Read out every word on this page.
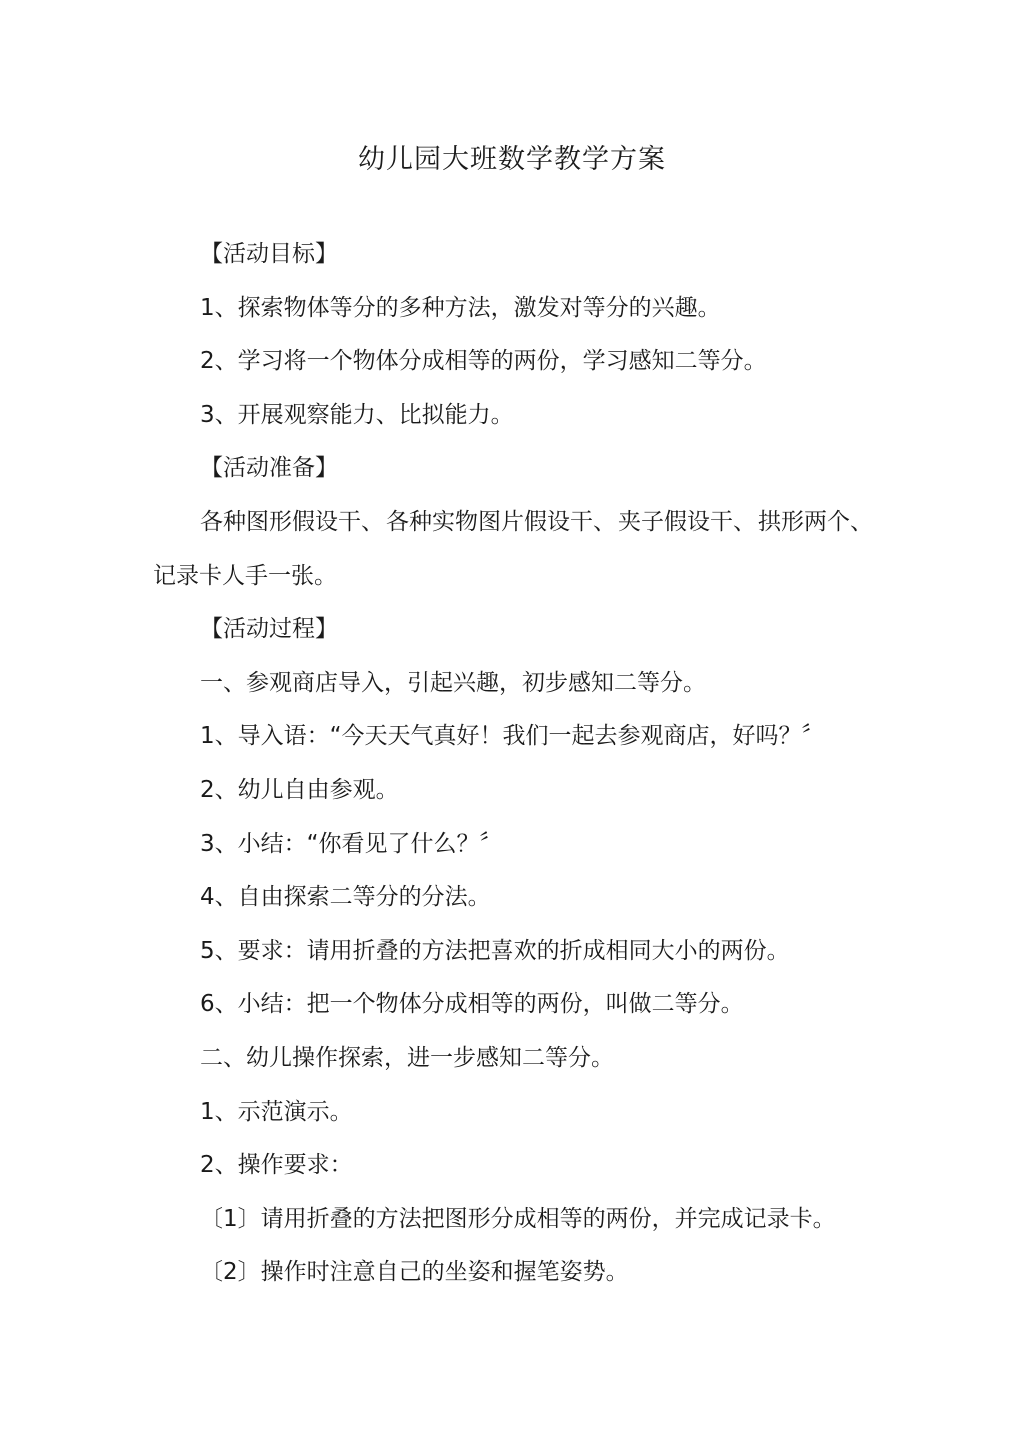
幼儿园大班数学教学方案
【活动目标】
1、探索物体等分的多种方法，激发对等分的兴趣。
2、学习将一个物体分成相等的两份，学习感知二等分。
3、开展观察能力、比拟能力。
【活动准备】
各种图形假设干、 各种实物图片假设干、 夹子假设干、 拱形两个、
记录卡人手一张。
【活动过程】
一、参观商店导入，引起兴趣，初步感知二等分。
1、导入语：“今天天气真好！我们一起去参观商店，好吗？〞
2、幼儿自由参观。
3、小结：“你看见了什么？〞
4、自由探索二等分的分法。
5、要求：请用折叠的方法把喜欢的折成相同大小的两份。
6、小结：把一个物体分成相等的两份，叫做二等分。
二、幼儿操作探索，进一步感知二等分。
1、示范演示。
2、操作要求：
〔1〕请用折叠的方法把图形分成相等的两份，并完成记录卡。
〔2〕操作时注意自己的坐姿和握笔姿势。
